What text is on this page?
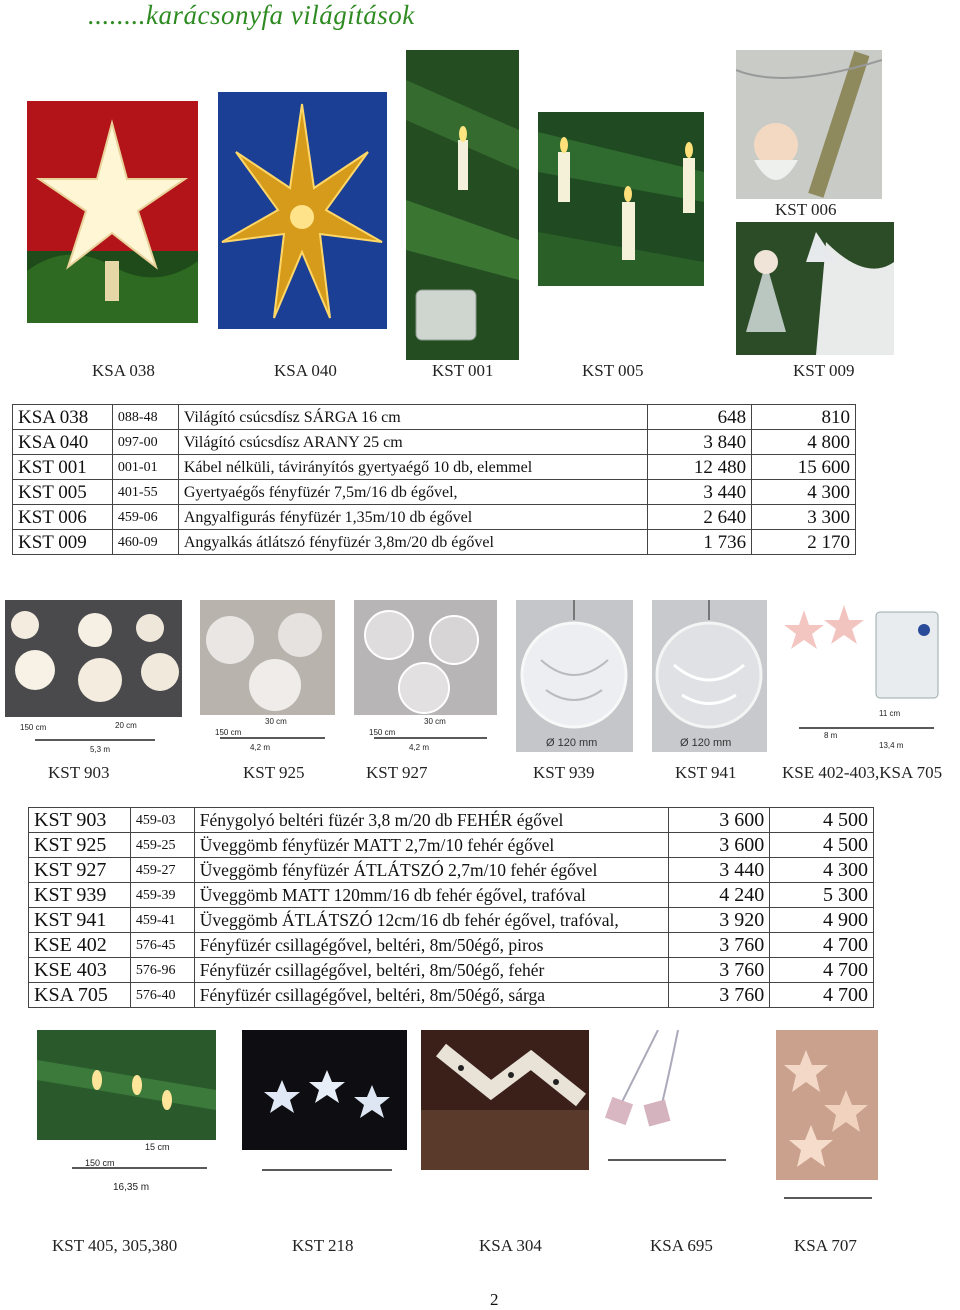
........karácsonyfa világítások
KST 006
KSA 038	KSA 040	KST 001	KST 005	KST 009
KSA 038	088-48	Világító csúcsdísz SÁRGA 16 cm	648	810
KSA 040	097-00	Világító csúcsdísz ARANY 25 cm	3 840	4 800
KST 001	001-01	Kábel nélküli, távirányítós gyertyaégő 10 db, elemmel	12 480	15 600
KST 005	401-55	Gyertyaégős fényfüzér 7,5m/16 db égővel,	3 440	4 300
KST 006	459-06	Angyalfigurás fényfüzér 1,35m/10 db égővel	2 640	3 300
KST 009	460-09	Angyalkás átlátszó fényfüzér 3,8m/20 db égővel	1 736	2 170
150 cm	20 cm
5,3 m
30 cm
150 cm
4,2 m
30 cm
150 cm
4,2 m	Ø 120 mm	Ø 120 mm
11 cm
8 m
13,4 m
KST 903	KST 925	KST 927	KST 939	KST 941	KSE 402-403,KSA 705
KST 903	459-03	Fénygolyó beltéri füzér 3,8 m/20 db FEHÉR égővel	3 600	4 500
KST 925	459-25	Üveggömb fényfüzér MATT 2,7m/10 fehér égővel	3 600	4 500
KST 927	459-27	Üveggömb fényfüzér ÁTLÁTSZÓ 2,7m/10 fehér égővel	3 440	4 300
KST 939	459-39	Üveggömb MATT 120mm/16 db fehér égővel, trafóval	4 240	5 300
KST 941	459-41	Üveggömb ÁTLÁTSZÓ 12cm/16 db fehér égővel, trafóval,	3 920	4 900
KSE 402	576-45	Fényfüzér csillagégővel, beltéri, 8m/50égő, piros	3 760	4 700
KSE 403	576-96	Fényfüzér csillagégővel, beltéri, 8m/50égő, fehér	3 760	4 700
KSA 705	576-40	Fényfüzér csillagégővel, beltéri, 8m/50égő, sárga	3 760	4 700
15 cm
150 cm
16,35 m
KST 405, 305,380	KST 218	KSA 304	KSA 695	KSA 707
2
